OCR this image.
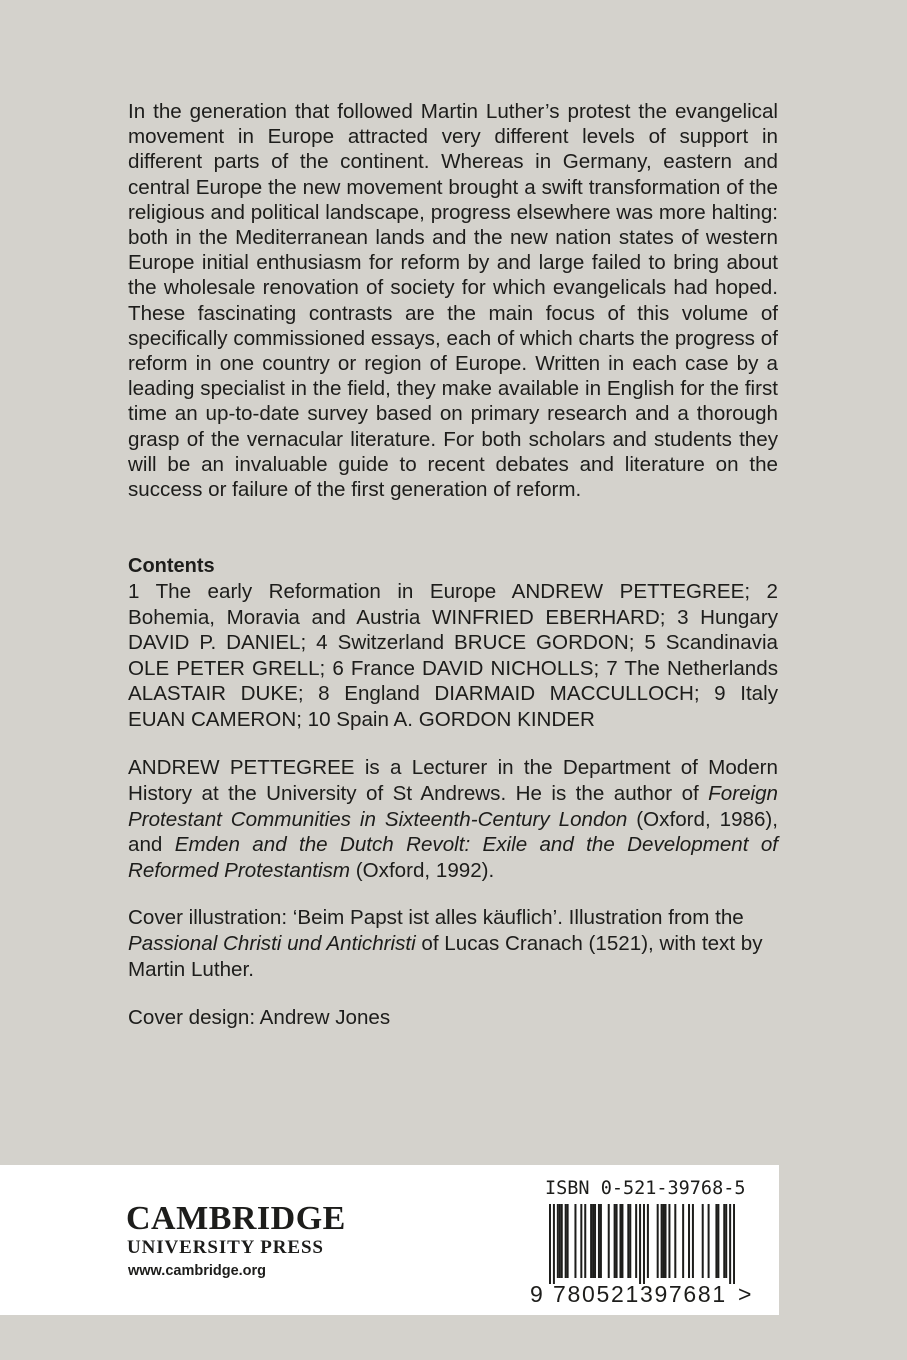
In the generation that followed Martin Luther’s protest the evangelical movement in Europe attracted very different levels of support in different parts of the continent. Whereas in Germany, eastern and central Europe the new movement brought a swift transformation of the religious and political landscape, progress elsewhere was more halting: both in the Mediterranean lands and the new nation states of western Europe initial enthusiasm for reform by and large failed to bring about the wholesale renovation of society for which evangelicals had hoped. These fascinating contrasts are the main focus of this volume of specifically commissioned essays, each of which charts the progress of reform in one country or region of Europe. Written in each case by a leading specialist in the field, they make available in English for the first time an up-to-date survey based on primary research and a thorough grasp of the vernacular literature. For both scholars and students they will be an invaluable guide to recent debates and literature on the success or failure of the first generation of reform.

Contents

1 The early Reformation in Europe ANDREW PETTEGREE; 2 Bohemia, Moravia and Austria WINFRIED EBERHARD; 3 Hungary DAVID P. DANIEL; 4 Switzerland BRUCE GORDON; 5 Scandinavia OLE PETER GRELL; 6 France DAVID NICHOLLS; 7 The Netherlands ALASTAIR DUKE; 8 England DIARMAID MACCULLOCH; 9 Italy EUAN CAMERON; 10 Spain A. GORDON KINDER

ANDREW PETTEGREE is a Lecturer in the Department of Modern History at the University of St Andrews. He is the author of Foreign Protestant Communities in Sixteenth-Century London (Oxford, 1986), and Emden and the Dutch Revolt: Exile and the Development of Reformed Protestantism (Oxford, 1992).

Cover illustration: ‘Beim Papst ist alles käuflich’. Illustration from the Passional Christi und Antichristi of Lucas Cranach (1521), with text by Martin Luther.

Cover design: Andrew Jones

CAMBRIDGE

UNIVERSITY PRESS

www.cambridge.org

ISBN 0-521-39768-5

9 780521397681 >
